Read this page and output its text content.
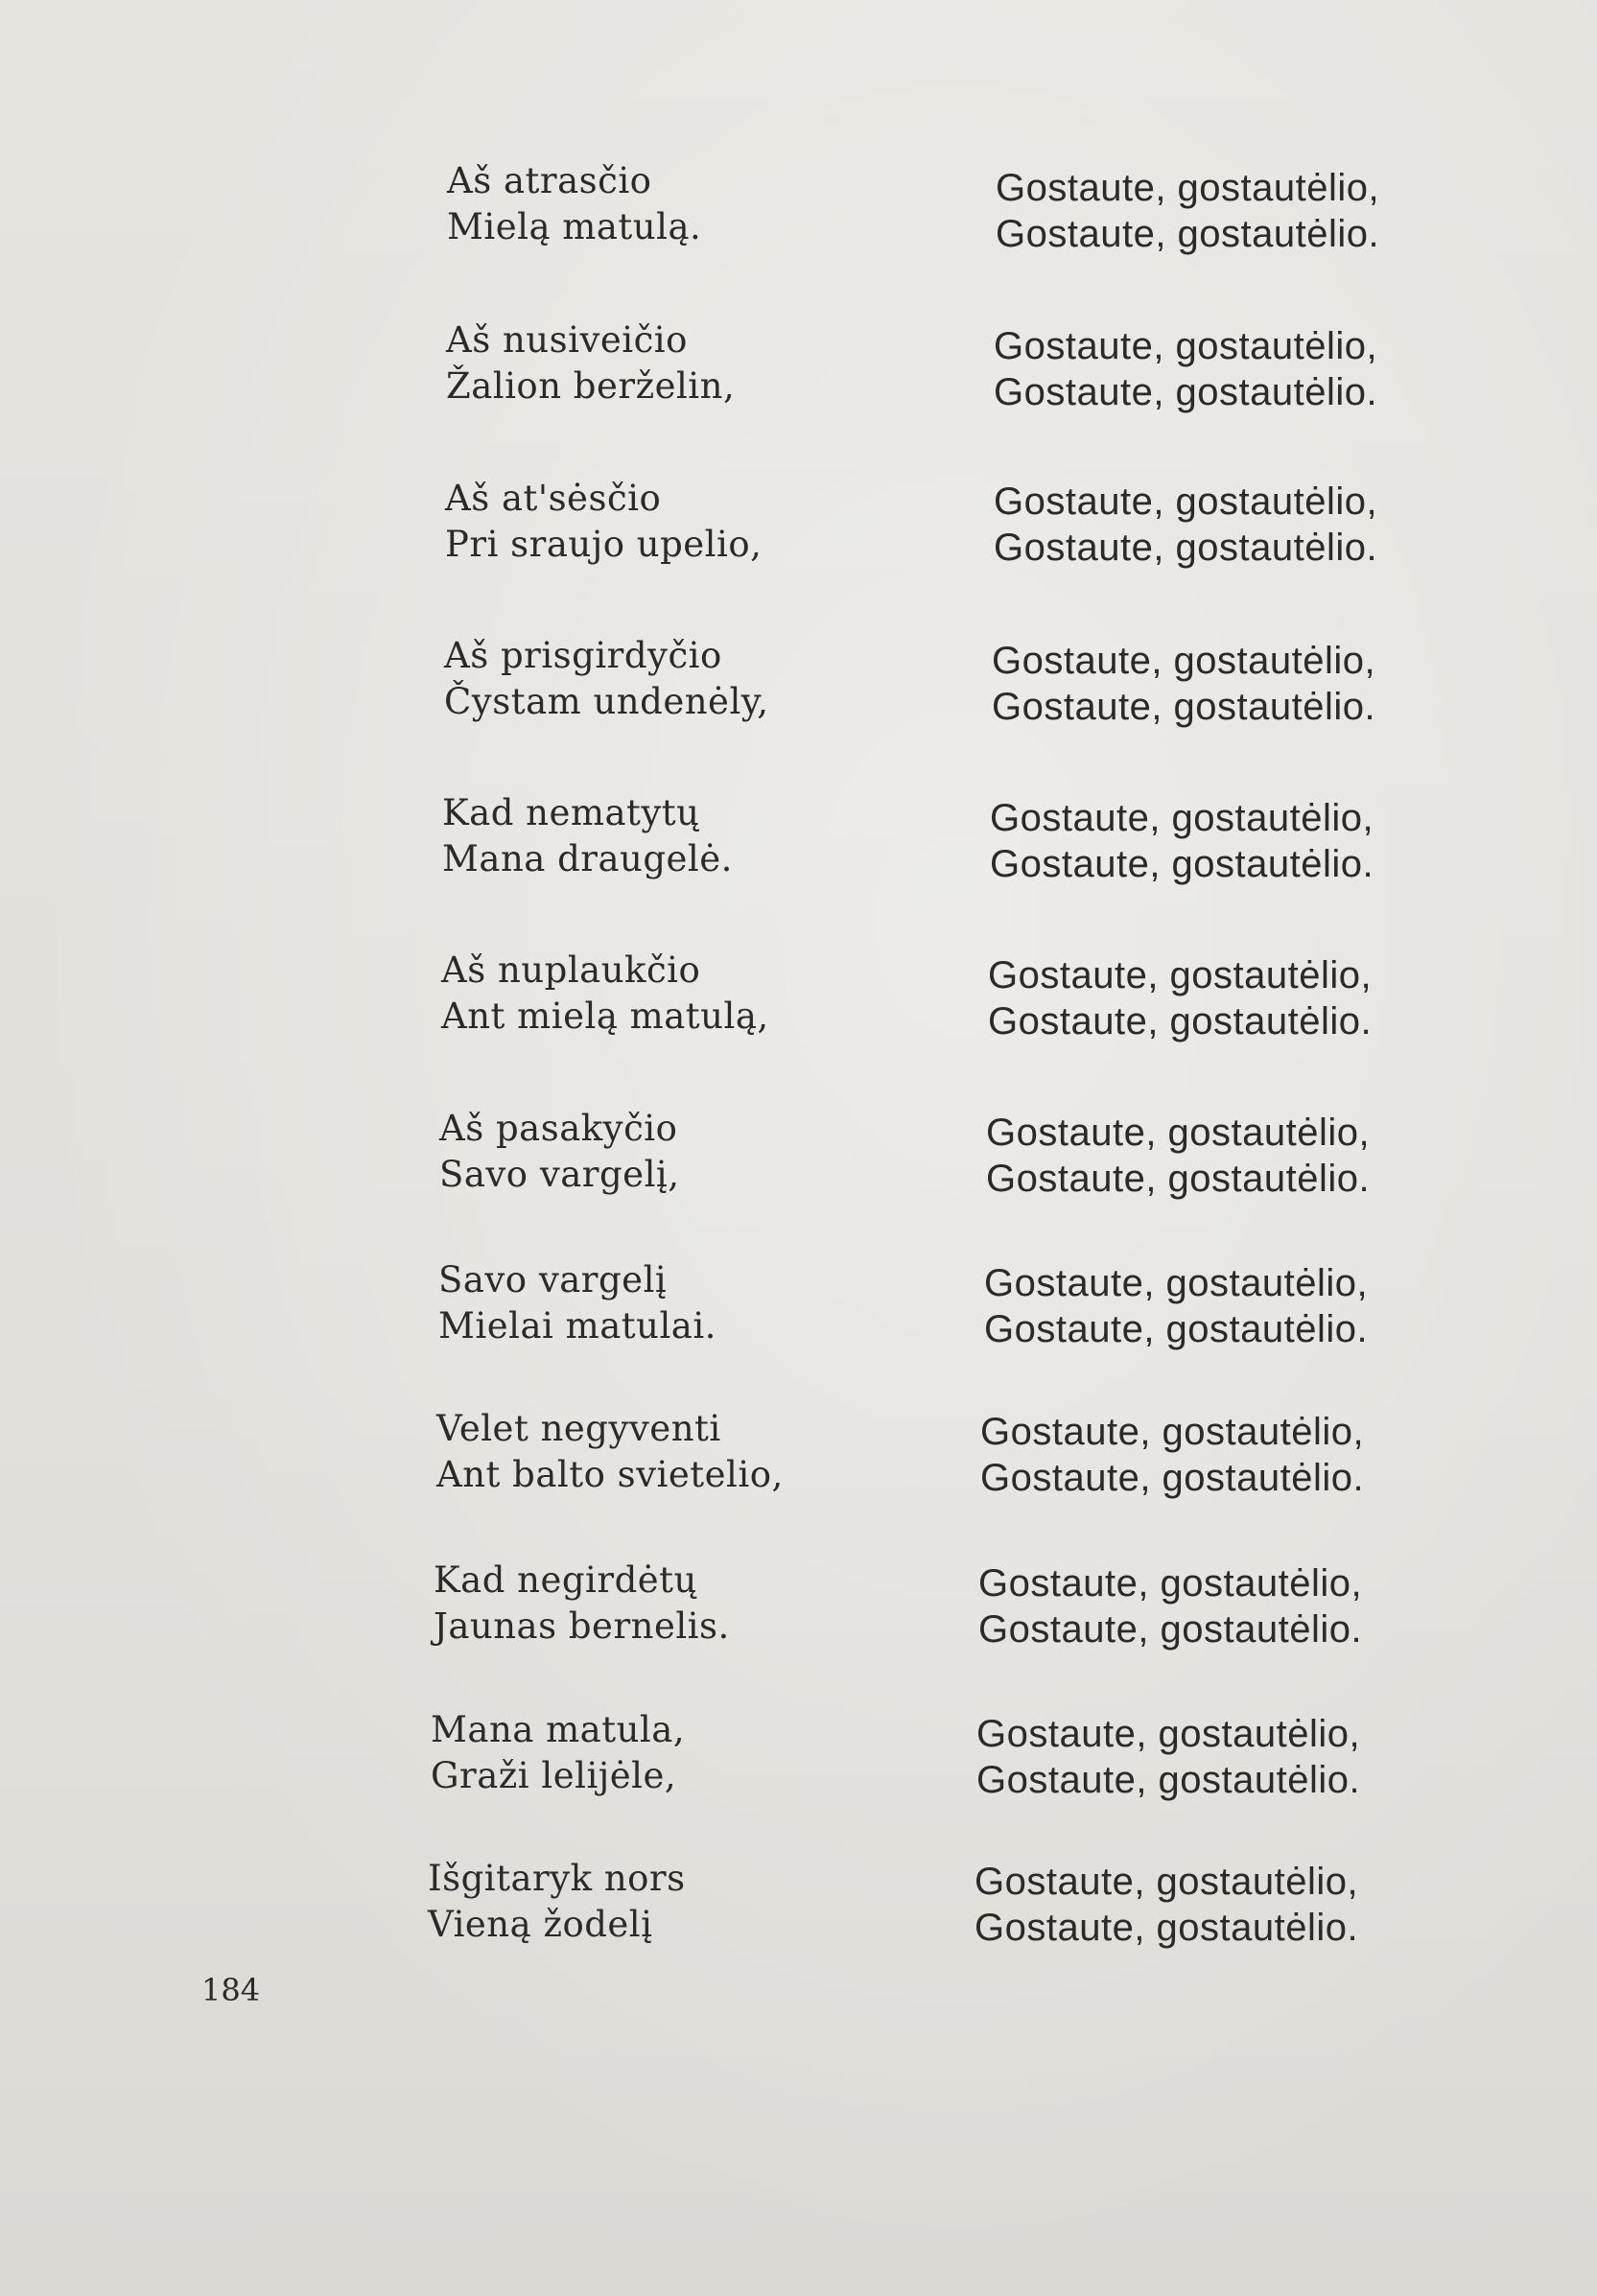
Aš atrasčio
Mielą matulą.
Gostaute, gostautėlio,
Gostaute, gostautėlio.
Aš nusiveičio
Žalion berželin,
Gostaute, gostautėlio,
Gostaute, gostautėlio.
Aš at'sėsčio
Pri sraujo upelio,
Gostaute, gostautėlio,
Gostaute, gostautėlio.
Aš prisgirdyčio
Čystam undenėly,
Gostaute, gostautėlio,
Gostaute, gostautėlio.
Kad nematytų
Mana draugelė.
Gostaute, gostautėlio,
Gostaute, gostautėlio.
Aš nuplaukčio
Ant mielą matulą,
Gostaute, gostautėlio,
Gostaute, gostautėlio.
Aš pasakyčio
Savo vargelį,
Gostaute, gostautėlio,
Gostaute, gostautėlio.
Savo vargelį
Mielai matulai.
Gostaute, gostautėlio,
Gostaute, gostautėlio.
Velet negyventi
Ant balto svietelio,
Gostaute, gostautėlio,
Gostaute, gostautėlio.
Kad negirdėtų
Jaunas bernelis.
Gostaute, gostautėlio,
Gostaute, gostautėlio.
Mana matula,
Graži lelijėle,
Gostaute, gostautėlio,
Gostaute, gostautėlio.
Išgitaryk nors
Vieną žodelį
Gostaute, gostautėlio,
Gostaute, gostautėlio.
184
